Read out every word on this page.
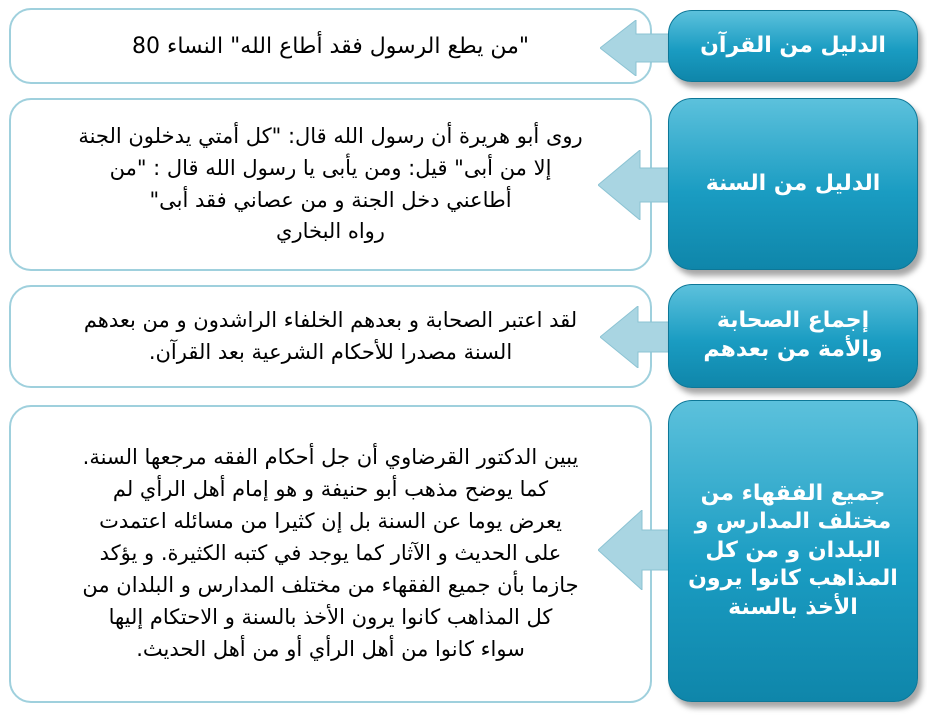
"من يطع الرسول فقد أطاع الله" النساء 80	الدليل من القرآن
روى أبو هريرة أن رسول الله قال: "كل أمتي يدخلون الجنة
إلا من أبى" قيل: ومن يأبى يا رسول الله قال : "من
أطاعني دخل الجنة و من عصاني فقد أبى"
رواه البخاري
الدليل من السنة
لقد اعتبر الصحابة و بعدهم الخلفاء الراشدون و من بعدهم
السنة مصدرا للأحكام الشرعية بعد القرآن.
إجماع الصحابة
والأمة من بعدهم
يبين الدكتور القرضاوي أن جل أحكام الفقه مرجعها السنة.
كما يوضح مذهب أبو حنيفة و هو إمام أهل الرأي لم
يعرض يوما عن السنة بل إن كثيرا من مسائله اعتمدت
على الحديث و الآثار كما يوجد في كتبه الكثيرة. و يؤكد
جازما بأن جميع الفقهاء من مختلف المدارس و البلدان من
كل المذاهب كانوا يرون الأخذ بالسنة و الاحتكام إليها
سواء كانوا من أهل الرأي أو من أهل الحديث.
جميع الفقهاء من
مختلف المدارس و
البلدان و من كل
المذاهب كانوا يرون
الأخذ بالسنة
